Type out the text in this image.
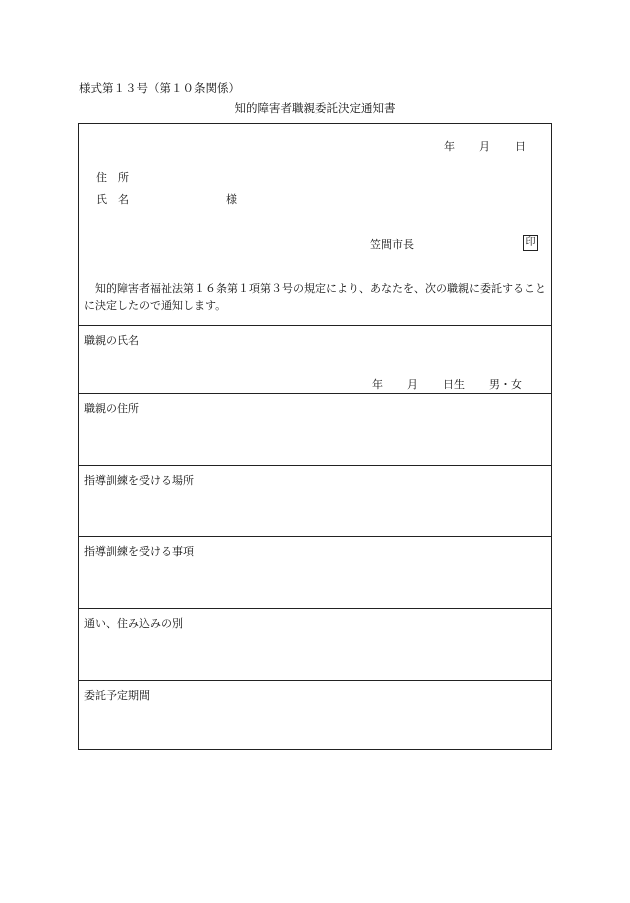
様式第１３号（第１０条関係）
知的障害者職親委託決定通知書
年 月 日
住　所
氏　名	様
笠間市長	印
知的障害者福祉法第１６条第１項第３号の規定により、あなたを、次の職親に委託することに決定したので通知します。
職親の氏名
年 月 日生 男・女
職親の住所
指導訓練を受ける場所
指導訓練を受ける事項
通い、住み込みの別
委託予定期間
